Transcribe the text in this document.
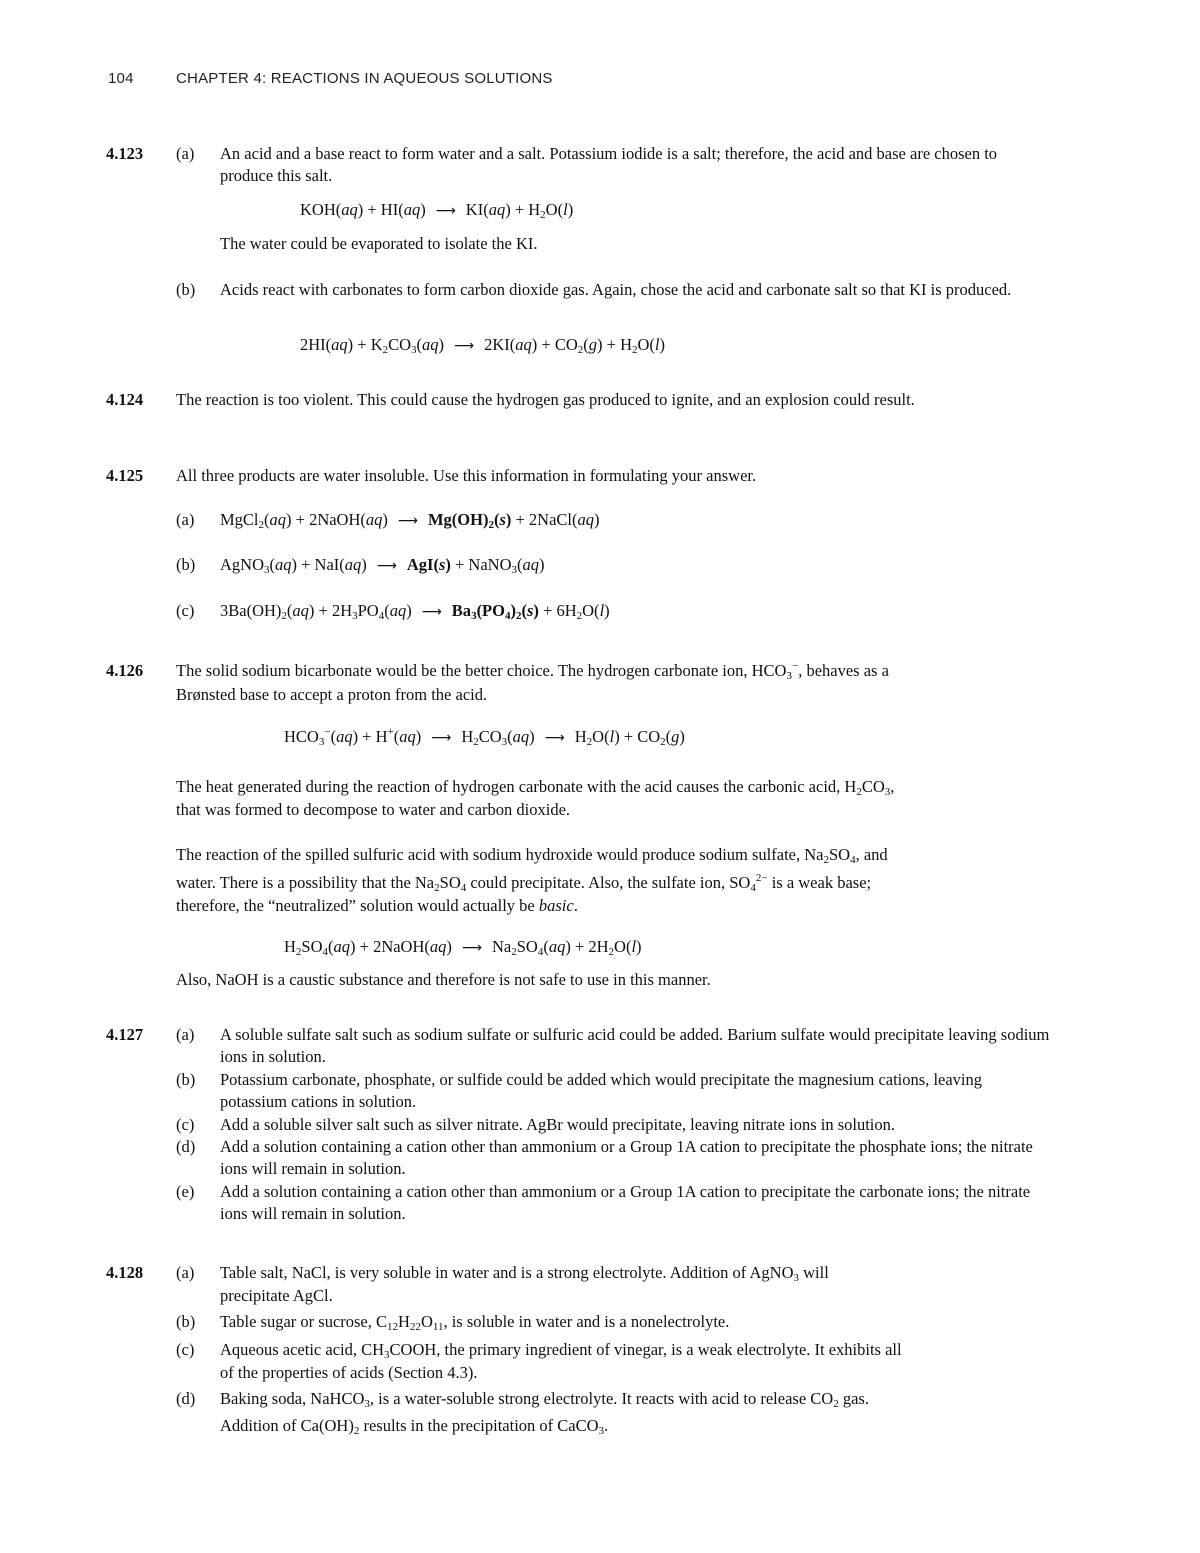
104	CHAPTER 4: REACTIONS IN AQUEOUS SOLUTIONS
4.123 (a) An acid and a base react to form water and a salt. Potassium iodide is a salt; therefore, the acid and base are chosen to produce this salt.
KOH(aq) + HI(aq) ⟶ $KI(aq) + H_2O(l)$
The water could be evaporated to isolate the KI.
(b) Acids react with carbonates to form carbon dioxide gas. Again, chose the acid and carbonate salt so that KI is produced.
$2HI(aq) + K_2CO_3(aq)$ ⟶ $2KI(aq) + CO_2(g) + H_2O(l)$
4.124 The reaction is too violent. This could cause the hydrogen gas produced to ignite, and an explosion could result.
4.125 All three products are water insoluble. Use this information in formulating your answer.
(a) MgCl$_2$(aq) + 2NaOH(aq) ⟶ $Mg(OH)_2(s)$ + 2NaCl(aq)
(b) AgNO$_3$(aq) + NaI(aq) ⟶ AgI(s) + NaNO$_3$(aq)
(c) $3Ba(OH)_2(aq) + 2H_3PO_4(aq)$ ⟶ $Ba_3(PO_4)_2(s) + 6H_2O(l)$
4.126 The solid sodium bicarbonate would be the better choice. The hydrogen carbonate ion, $HCO_3^-$, behaves as a
Brønsted base to accept a proton from the acid.
$HCO_3^-(aq) + H^+(aq)$ ⟶ $H_2CO_3(aq)$ ⟶ $H_2O(l) + CO_2(g)$
The heat generated during the reaction of hydrogen carbonate with the acid causes the carbonic acid, $H_2CO_3$,
that was formed to decompose to water and carbon dioxide.
The reaction of the spilled sulfuric acid with sodium hydroxide would produce sodium sulfate, $Na_2SO_4$, and
water. There is a possibility that the $Na_2SO_4$ could precipitate. Also, the sulfate ion, $SO_4^{2-}$ is a weak base;
therefore, the “neutralized” solution would actually be basic.
$H_2SO_4(aq)$ + 2NaOH(aq) ⟶ $Na_2SO_4(aq) + 2H_2O(l)$
Also, NaOH is a caustic substance and therefore is not safe to use in this manner.
4.127 (a) A soluble sulfate salt such as sodium sulfate or sulfuric acid could be added. Barium sulfate would precipitate leaving sodium ions in solution.
(b) Potassium carbonate, phosphate, or sulfide could be added which would precipitate the magnesium cations, leaving potassium cations in solution.
(c) Add a soluble silver salt such as silver nitrate. AgBr would precipitate, leaving nitrate ions in solution.
(d) Add a solution containing a cation other than ammonium or a Group 1A cation to precipitate the phosphate ions; the nitrate ions will remain in solution.
(e) Add a solution containing a cation other than ammonium or a Group 1A cation to precipitate the carbonate ions; the nitrate ions will remain in solution.
4.128 (a) Table salt, NaCl, is very soluble in water and is a strong electrolyte. Addition of AgNO$_3$ will
precipitate AgCl.
(b) Table sugar or sucrose, $C_{12}H_{22}O_{11}$, is soluble in water and is a nonelectrolyte.
(c) Aqueous acetic acid, $CH_3COOH$, the primary ingredient of vinegar, is a weak electrolyte. It exhibits all
of the properties of acids (Section 4.3).
(d) Baking soda, NaHCO$_3$, is a water-soluble strong electrolyte. It reacts with acid to release $CO_2$ gas.
Addition of $Ca(OH)_2$ results in the precipitation of CaCO$_3$.
